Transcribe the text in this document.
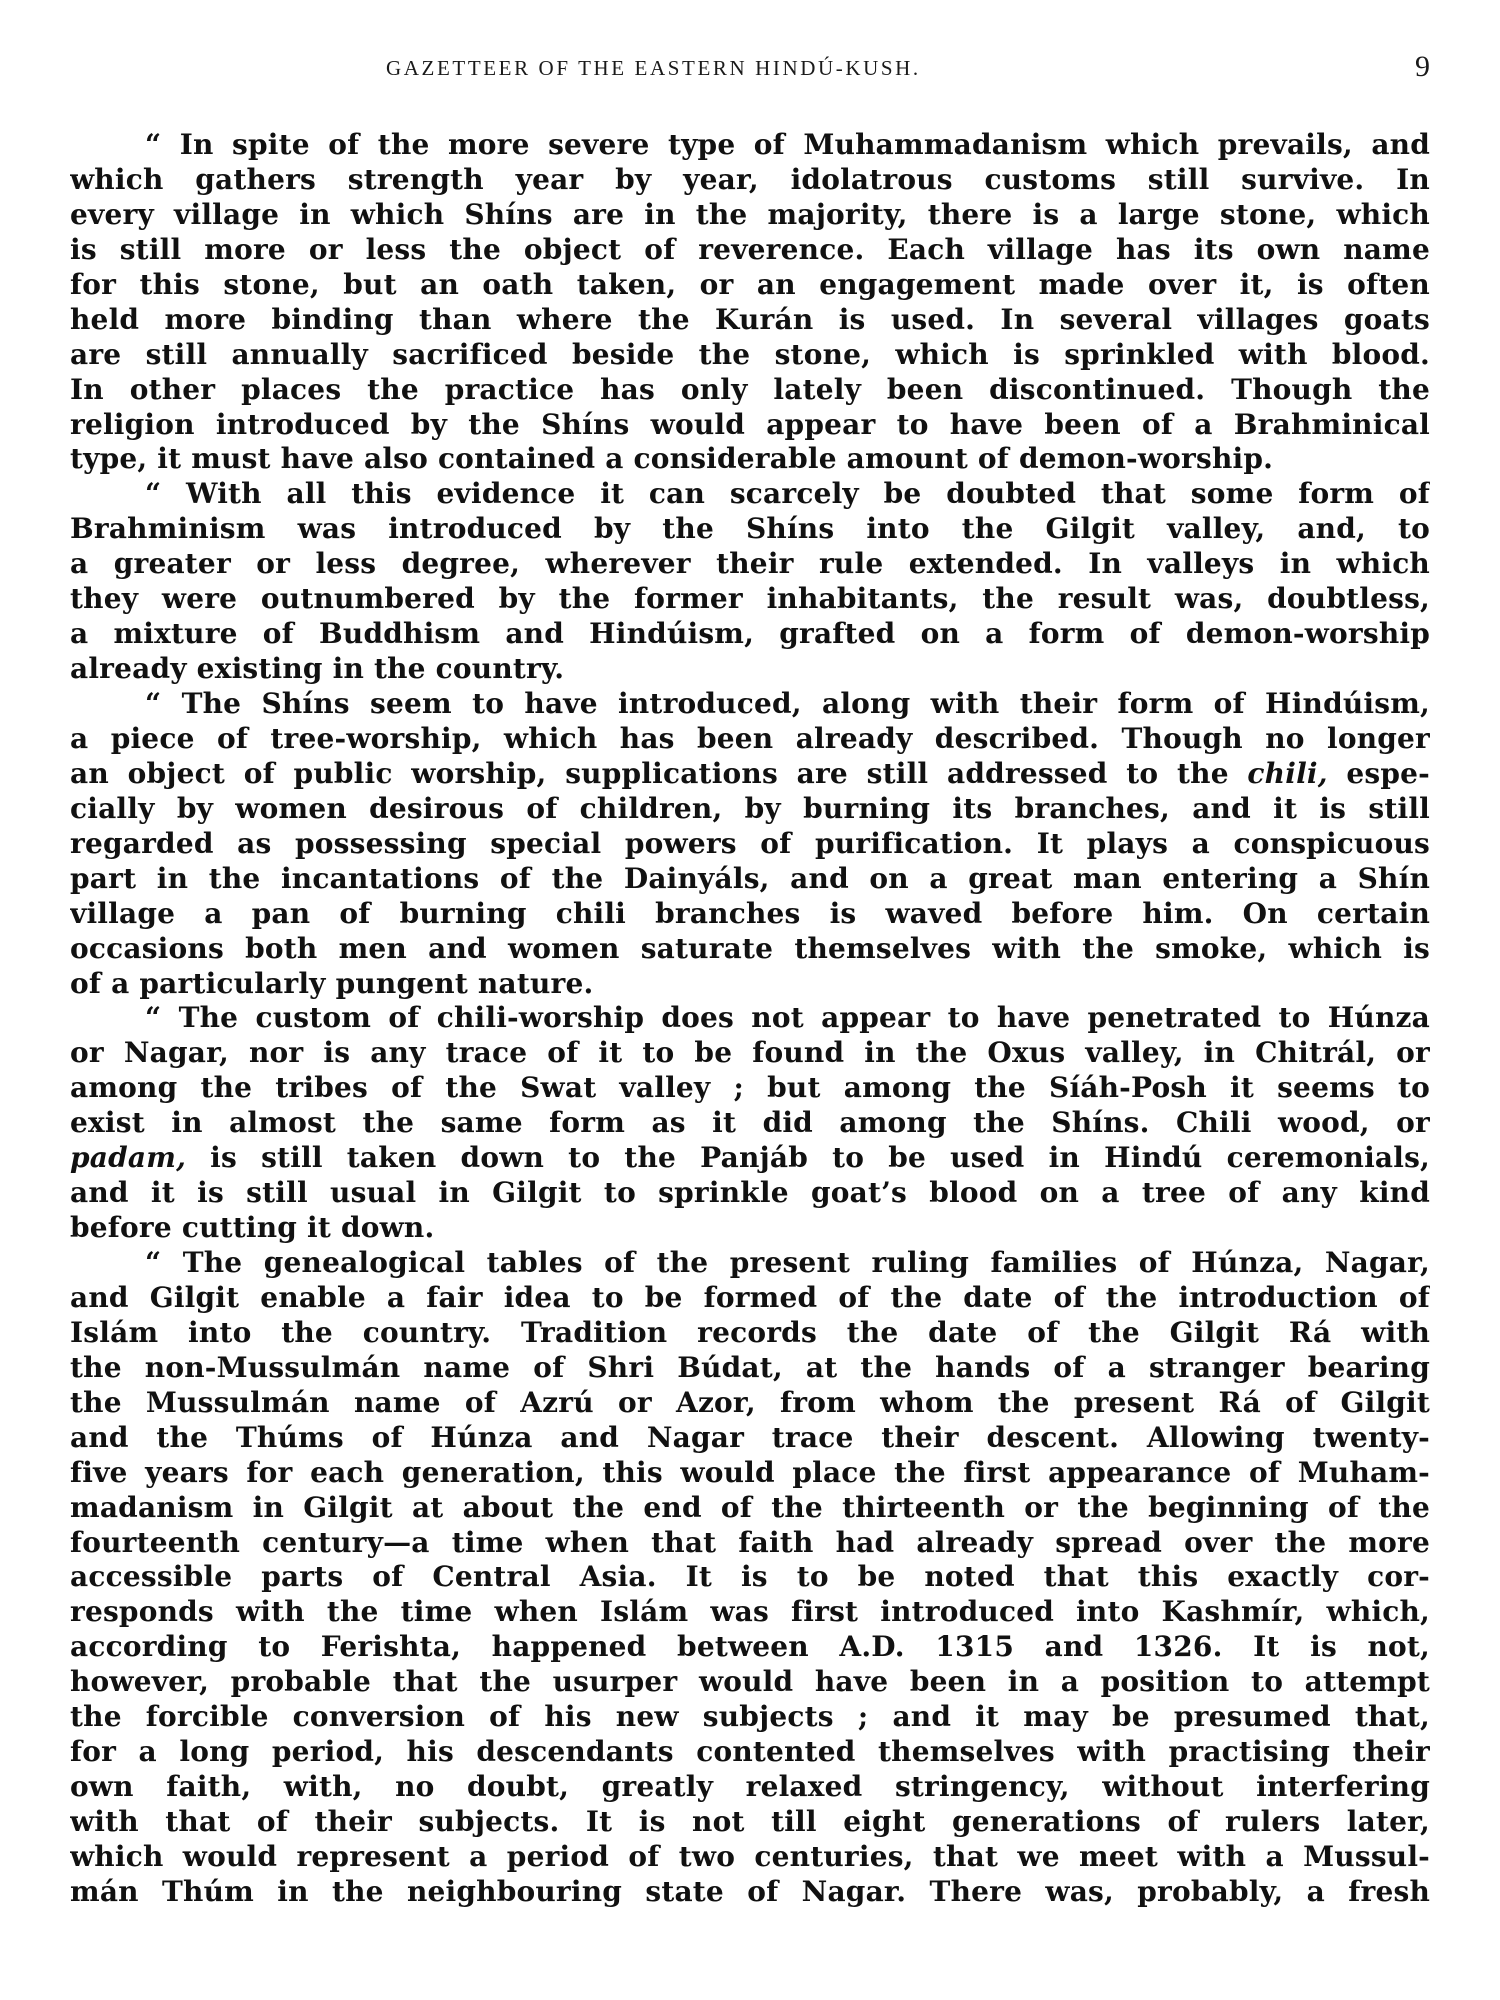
GAZETTEER OF THE EASTERN HINDÚ-KUSH.	9
“ In spite of the more severe type of Muhammadanism which prevails, and
which gathers strength year by year, idolatrous customs still survive. In
every village in which Shíns are in the majority, there is a large stone, which
is still more or less the object of reverence. Each village has its own name
for this stone, but an oath taken, or an engagement made over it, is often
held more binding than where the Kurán is used. In several villages goats
are still annually sacrificed beside the stone, which is sprinkled with blood.
In other places the practice has only lately been discontinued. Though the
religion introduced by the Shíns would appear to have been of a Brahminical
type, it must have also contained a considerable amount of demon-worship.
“ With all this evidence it can scarcely be doubted that some form of
Brahminism was introduced by the Shíns into the Gilgit valley, and, to
a greater or less degree, wherever their rule extended. In valleys in which
they were outnumbered by the former inhabitants, the result was, doubtless,
a mixture of Buddhism and Hindúism, grafted on a form of demon-worship
already existing in the country.
“ The Shíns seem to have introduced, along with their form of Hindúism,
a piece of tree-worship, which has been already described. Though no longer
an object of public worship, supplications are still addressed to the chili, espe-
cially by women desirous of children, by burning its branches, and it is still
regarded as possessing special powers of purification. It plays a conspicuous
part in the incantations of the Dainyáls, and on a great man entering a Shín
village a pan of burning chili branches is waved before him. On certain
occasions both men and women saturate themselves with the smoke, which is
of a particularly pungent nature.
“ The custom of chili-worship does not appear to have penetrated to Húnza
or Nagar, nor is any trace of it to be found in the Oxus valley, in Chitrál, or
among the tribes of the Swat valley ; but among the Síáh-Posh it seems to
exist in almost the same form as it did among the Shíns. Chili wood, or
padam, is still taken down to the Panjáb to be used in Hindú ceremonials,
and it is still usual in Gilgit to sprinkle goat’s blood on a tree of any kind
before cutting it down.
“ The genealogical tables of the present ruling families of Húnza, Nagar,
and Gilgit enable a fair idea to be formed of the date of the introduction of
Islám into the country. Tradition records the date of the Gilgit Rá with
the non-Mussulmán name of Shri Búdat, at the hands of a stranger bearing
the Mussulmán name of Azrú or Azor, from whom the present Rá of Gilgit
and the Thúms of Húnza and Nagar trace their descent. Allowing twenty-
five years for each generation, this would place the first appearance of Muham-
madanism in Gilgit at about the end of the thirteenth or the beginning of the
fourteenth century—a time when that faith had already spread over the more
accessible parts of Central Asia. It is to be noted that this exactly cor-
responds with the time when Islám was first introduced into Kashmír, which,
according to Ferishta, happened between A.D. 1315 and 1326. It is not,
however, probable that the usurper would have been in a position to attempt
the forcible conversion of his new subjects ; and it may be presumed that,
for a long period, his descendants contented themselves with practising their
own faith, with, no doubt, greatly relaxed stringency, without interfering
with that of their subjects. It is not till eight generations of rulers later,
which would represent a period of two centuries, that we meet with a Mussul-
mán Thúm in the neighbouring state of Nagar. There was, probably, a fresh
